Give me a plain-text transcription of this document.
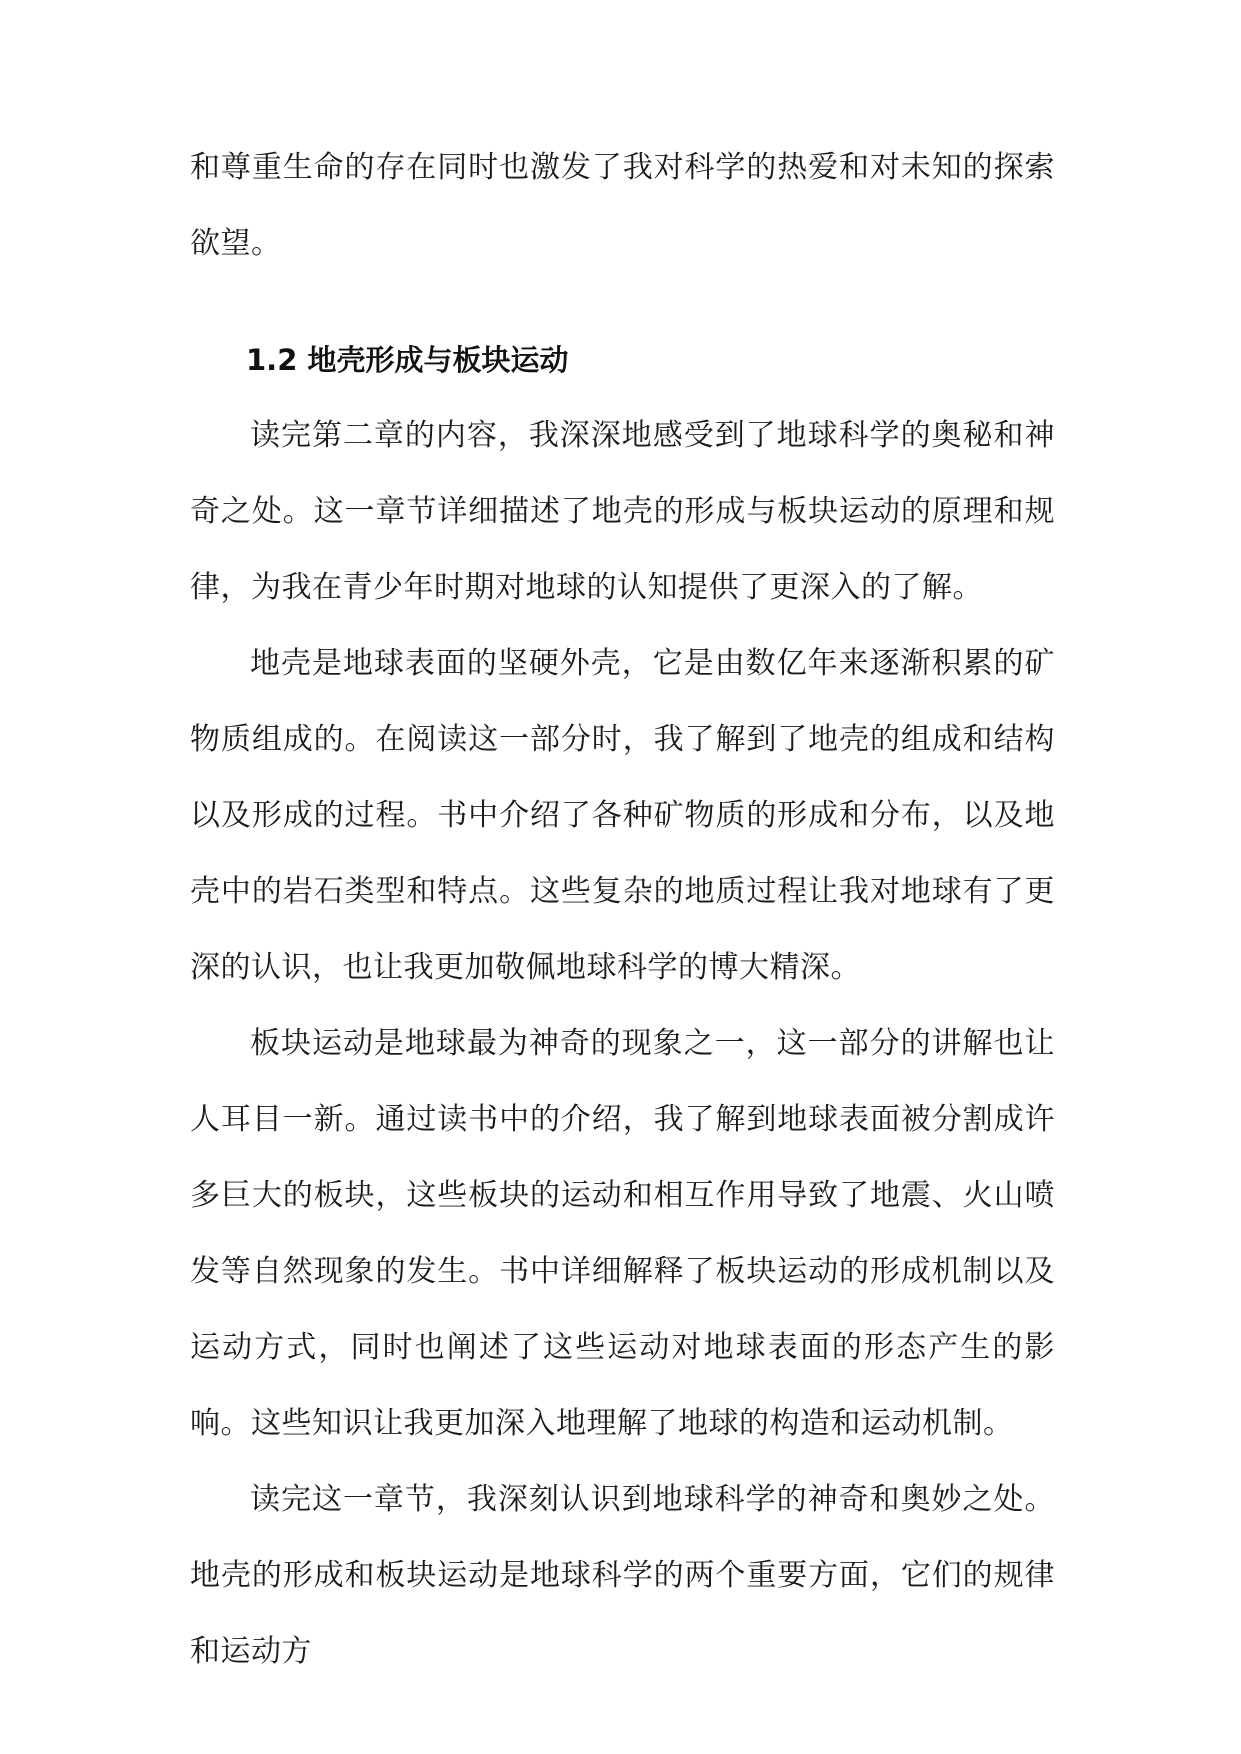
和尊重生命的存在同时也激发了我对科学的热爱和对未知的探索欲望。

1.2 地壳形成与板块运动

读完第二章的内容，我深深地感受到了地球科学的奥秘和神奇之处。这一章节详细描述了地壳的形成与板块运动的原理和规律，为我在青少年时期对地球的认知提供了更深入的了解。

地壳是地球表面的坚硬外壳，它是由数亿年来逐渐积累的矿物质组成的。在阅读这一部分时，我了解到了地壳的组成和结构以及形成的过程。书中介绍了各种矿物质的形成和分布，以及地壳中的岩石类型和特点。这些复杂的地质过程让我对地球有了更深的认识，也让我更加敬佩地球科学的博大精深。

板块运动是地球最为神奇的现象之一，这一部分的讲解也让人耳目一新。通过读书中的介绍，我了解到地球表面被分割成许多巨大的板块，这些板块的运动和相互作用导致了地震、火山喷发等自然现象的发生。书中详细解释了板块运动的形成机制以及运动方式，同时也阐述了这些运动对地球表面的形态产生的影响。这些知识让我更加深入地理解了地球的构造和运动机制。

读完这一章节，我深刻认识到地球科学的神奇和奥妙之处。地壳的形成和板块运动是地球科学的两个重要方面，它们的规律和运动方
